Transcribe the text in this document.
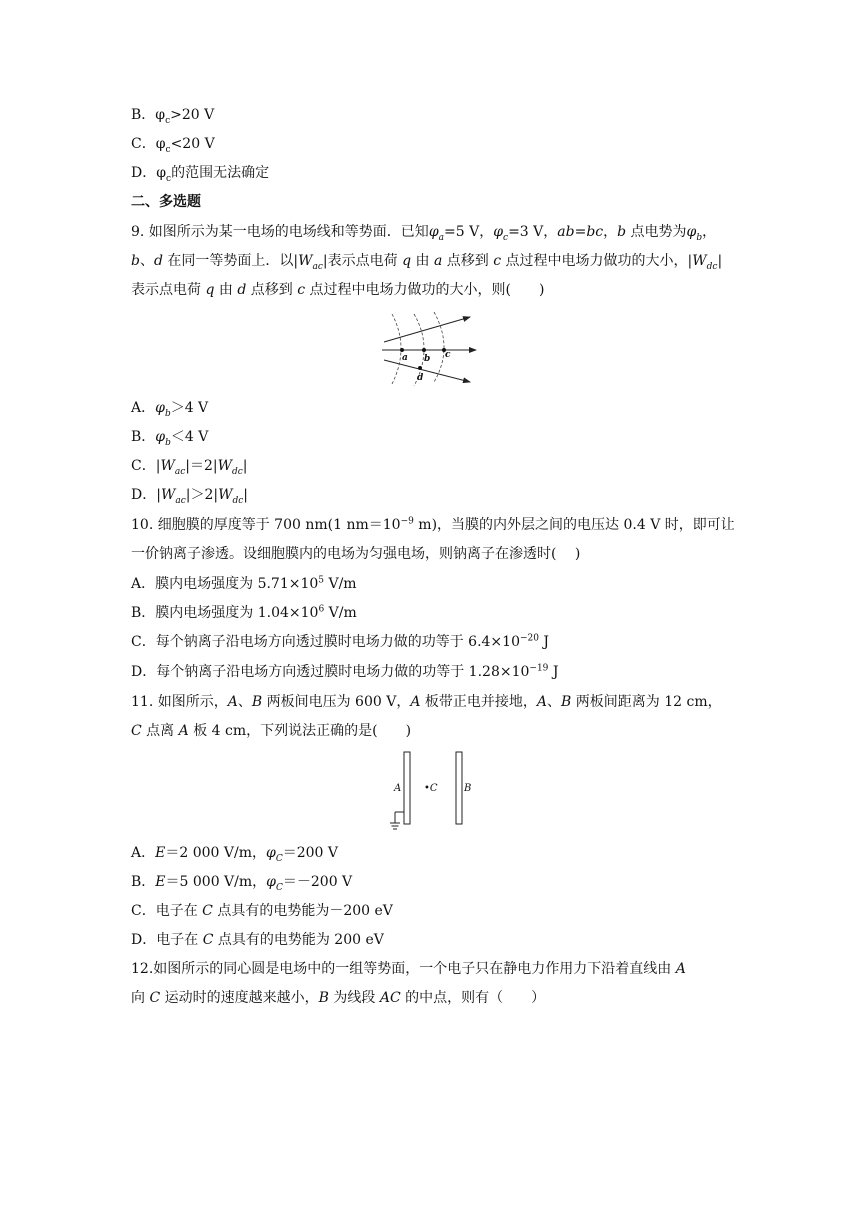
B．$\varphi_c>20$ V
C．$\varphi_c<20$ V
D．$\varphi_c$的范围无法确定
二、多选题
9. 如图所示为某一电场的电场线和等势面．已知$\varphi_a=5$ V，$\varphi_c=3$ V，ab=bc，b 点电势为$\varphi_b$，
b、d 在同一等势面上．以$|W_{ac}|$表示点电荷 q 由 a 点移到 c 点过程中电场力做功的大小，$|W_{dc}|$
表示点电荷 q 由 d 点移到 c 点过程中电场力做功的大小，则(　　)
a b c
d
A．$\varphi_b>4$ V
B．$\varphi_b<4$ V
C．$|W_{ac}|=2|W_{dc}|$
D．$|W_{ac}|>2|W_{dc}|$
10. 细胞膜的厚度等于 700 nm(1 $nm=10^{-9}$ m)，当膜的内外层之间的电压达 0.4 V 时，即可让
一价钠离子渗透。设细胞膜内的电场为匀强电场，则钠离子在渗透时(　 )
A．膜内电场强度为 $5.71\times 10^5$ V/m
B．膜内电场强度为 $1.04\times 10^6$ V/m
C．每个钠离子沿电场方向透过膜时电场力做的功等于 $6.4\times 10^{-20}$ J
D．每个钠离子沿电场方向透过膜时电场力做的功等于 $1.28\times 10^{-19}$ J
11. 如图所示，A、B 两板间电压为 600 V，A 板带正电并接地，A、B 两板间距离为 12 cm，
C 点离 A 板 4 cm，下列说法正确的是(　　)
A •C	B
A．E＝2 000 V/m，$\varphi_C=200$ V
B．E＝5 000 V/m，$\varphi_C=-200$ V
C．电子在 C 点具有的电势能为－200 eV
D．电子在 C 点具有的电势能为 200 eV
12.如图所示的同心圆是电场中的一组等势面，一个电子只在静电力作用力下沿着直线由 A
向 C 运动时的速度越来越小，B 为线段 AC 的中点，则有（　　）
